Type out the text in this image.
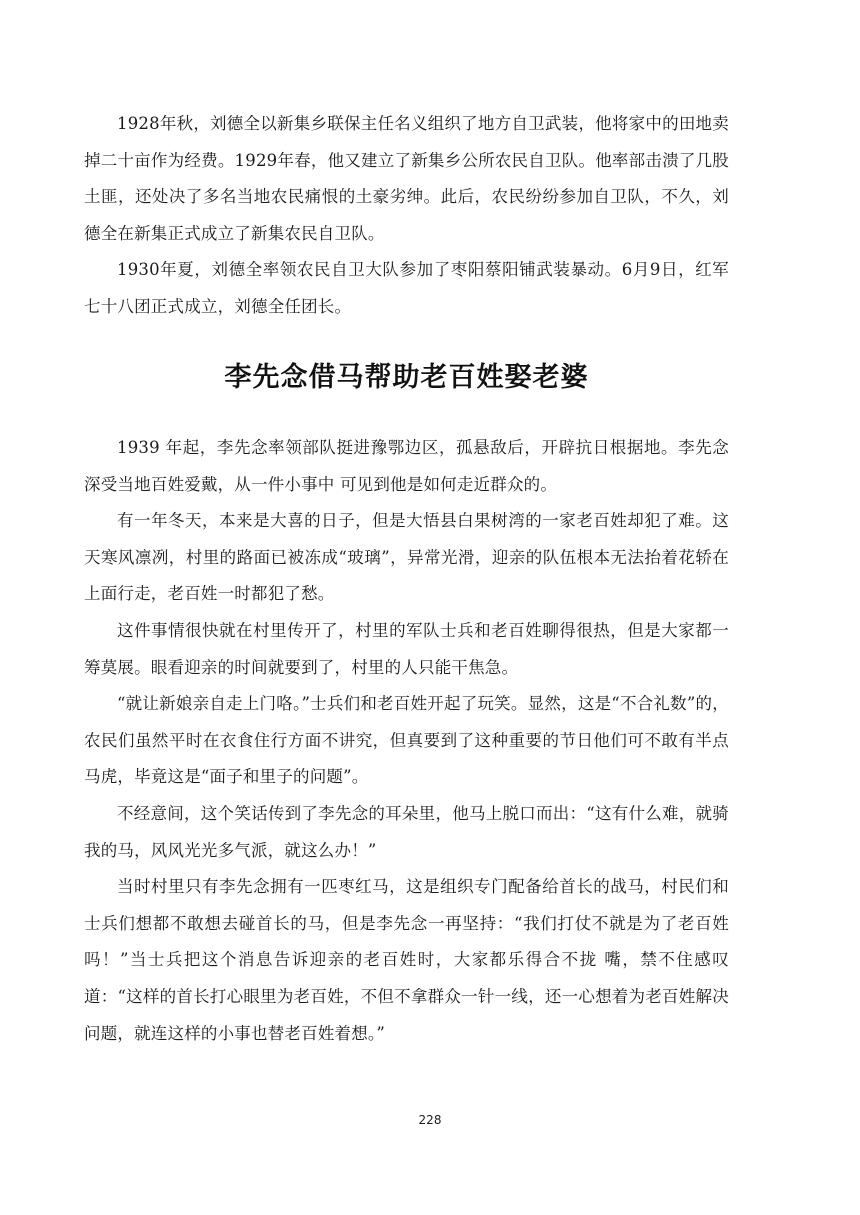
1928年秋，刘德全以新集乡联保主任名义组织了地方自卫武装，他将家中的田地卖掉二十亩作为经费。1929年春，他又建立了新集乡公所农民自卫队。他率部击溃了几股土匪，还处决了多名当地农民痛恨的土豪劣绅。此后，农民纷纷参加自卫队，不久，刘德全在新集正式成立了新集农民自卫队。

1930年夏，刘德全率领农民自卫大队参加了枣阳蔡阳铺武装暴动。6月9日，红军七十八团正式成立，刘德全任团长。

李先念借马帮助老百姓娶老婆

1939 年起，李先念率领部队挺进豫鄂边区，孤悬敌后，开辟抗日根据地。李先念深受当地百姓爱戴，从一件小事中 可见到他是如何走近群众的。

有一年冬天，本来是大喜的日子，但是大悟县白果树湾的一家老百姓却犯了难。这天寒风凛冽，村里的路面已被冻成“玻璃”，异常光滑，迎亲的队伍根本无法抬着花轿在上面行走，老百姓一时都犯了愁。

这件事情很快就在村里传开了，村里的军队士兵和老百姓聊得很热，但是大家都一筹莫展。眼看迎亲的时间就要到了，村里的人只能干焦急。

“就让新娘亲自走上门咯。”士兵们和老百姓开起了玩笑。显然，这是“不合礼数”的，农民们虽然平时在衣食住行方面不讲究，但真要到了这种重要的节日他们可不敢有半点马虎，毕竟这是“面子和里子的问题”。

不经意间，这个笑话传到了李先念的耳朵里，他马上脱口而出：“这有什么难，就骑我的马，风风光光多气派，就这么办！”

当时村里只有李先念拥有一匹枣红马，这是组织专门配备给首长的战马，村民们和士兵们想都不敢想去碰首长的马，但是李先念一再坚持：“我们打仗不就是为了老百姓吗！”当士兵把这个消息告诉迎亲的老百姓时，大家都乐得合不拢 嘴，禁不住感叹道：“这样的首长打心眼里为老百姓，不但不拿群众一针一线，还一心想着为老百姓解决问题，就连这样的小事也替老百姓着想。”

228
